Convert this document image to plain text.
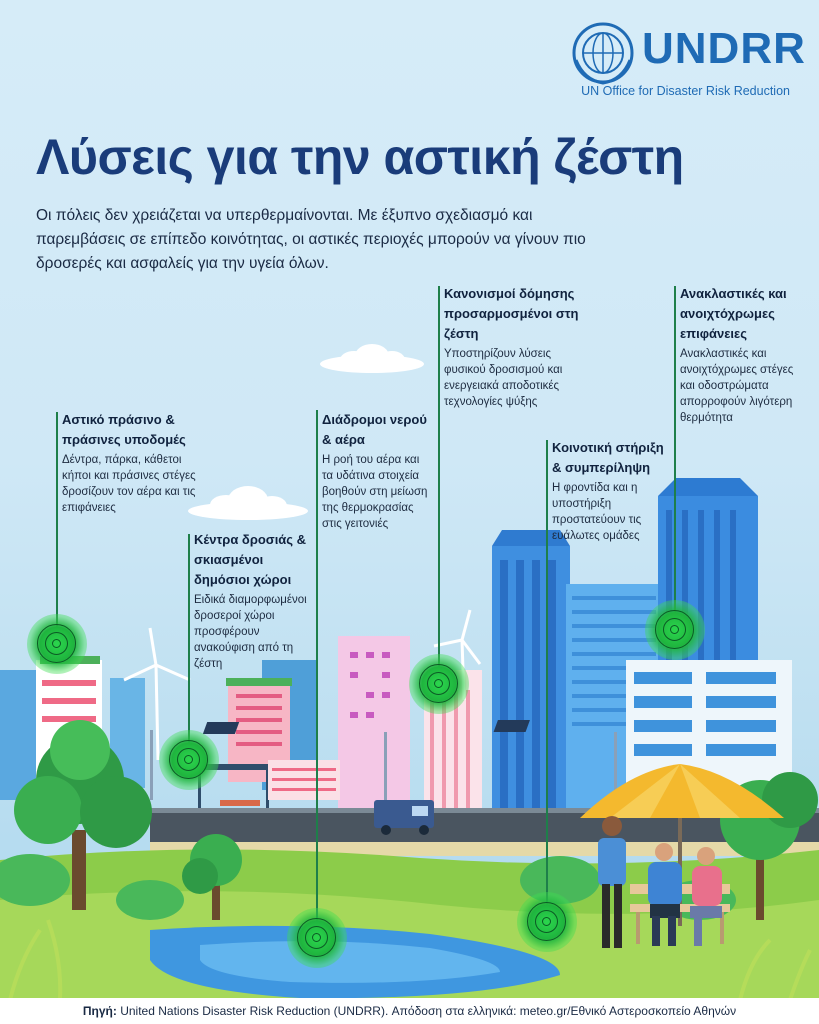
UNDRR
UN Office for Disaster Risk Reduction
Λύσεις για την αστική ζέστη
Οι πόλεις δεν χρειάζεται να υπερθερμαίνονται. Με έξυπνο σχεδιασμό και παρεμβάσεις σε επίπεδο κοινότητας, οι αστικές περιοχές μπορούν να γίνουν πιο δροσερές και ασφαλείς για την υγεία όλων.
Αστικό πράσινο & πράσινες υποδομές
Δέντρα, πάρκα, κάθετοι κήποι και πράσινες στέγες δροσίζουν τον αέρα και τις επιφάνειες
Κέντρα δροσιάς & σκιασμένοι δημόσιοι χώροι
Ειδικά διαμορφωμένοι δροσεροί χώροι προσφέρουν ανακούφιση από τη ζέστη
Διάδρομοι νερού & αέρα
Η ροή του αέρα και τα υδάτινα στοιχεία βοηθούν στη μείωση της θερμοκρασίας στις γειτονιές
Κανονισμοί δόμησης προσαρμοσμένοι στη ζέστη
Υποστηρίζουν λύσεις φυσικού δροσισμού και ενεργειακά αποδοτικές τεχνολογίες ψύξης
Κοινοτική στήριξη & συμπερίληψη
Η φροντίδα και η υποστήριξη προστατεύουν τις ευάλωτες ομάδες
Ανακλαστικές και ανοιχτόχρωμες επιφάνειες
Ανακλαστικές και ανοιχτόχρωμες στέγες και οδοστρώματα απορροφούν λιγότερη θερμότητα
Πηγή: United Nations Disaster Risk Reduction (UNDRR). Απόδοση στα ελληνικά: meteo.gr/Εθνικό Αστεροσκοπείο Αθηνών
